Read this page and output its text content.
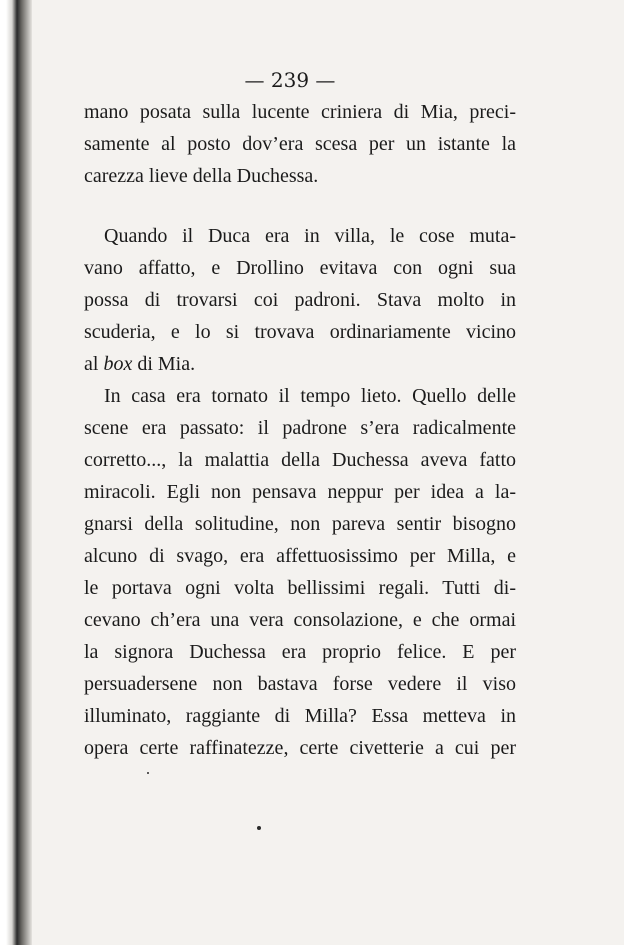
— 239 —

mano posata sulla lucente criniera di Mia, preci-
samente al posto dov’era scesa per un istante la
carezza lieve della Duchessa.

Quando il Duca era in villa, le cose muta-
vano affatto, e Drollino evitava con ogni sua
possa di trovarsi coi padroni. Stava molto in
scuderia, e lo si trovava ordinariamente vicino
al box di Mia.

In casa era tornato il tempo lieto. Quello delle
scene era passato: il padrone s’era radicalmente
corretto..., la malattia della Duchessa aveva fatto
miracoli. Egli non pensava neppur per idea a la-
gnarsi della solitudine, non pareva sentir bisogno
alcuno di svago, era affettuosissimo per Milla, e
le portava ogni volta bellissimi regali. Tutti di-
cevano ch’era una vera consolazione, e che ormai
la signora Duchessa era proprio felice. E per
persuadersene non bastava forse vedere il viso
illuminato, raggiante di Milla? Essa metteva in
opera certe raffinatezze, certe civetterie a cui per
